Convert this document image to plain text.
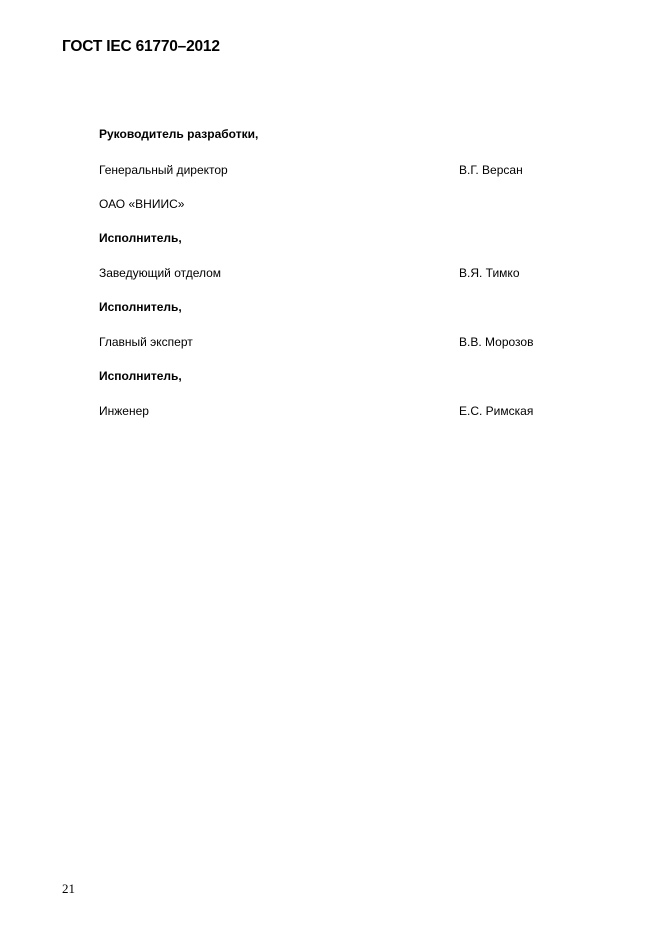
ГОСТ IEC 61770–2012
Руководитель разработки,
Генеральный директор	В.Г. Версан
ОАО «ВНИИС»
Исполнитель,
Заведующий отделом	В.Я. Тимко
Исполнитель,
Главный эксперт	В.В. Морозов
Исполнитель,
Инженер	Е.С. Римская
21
